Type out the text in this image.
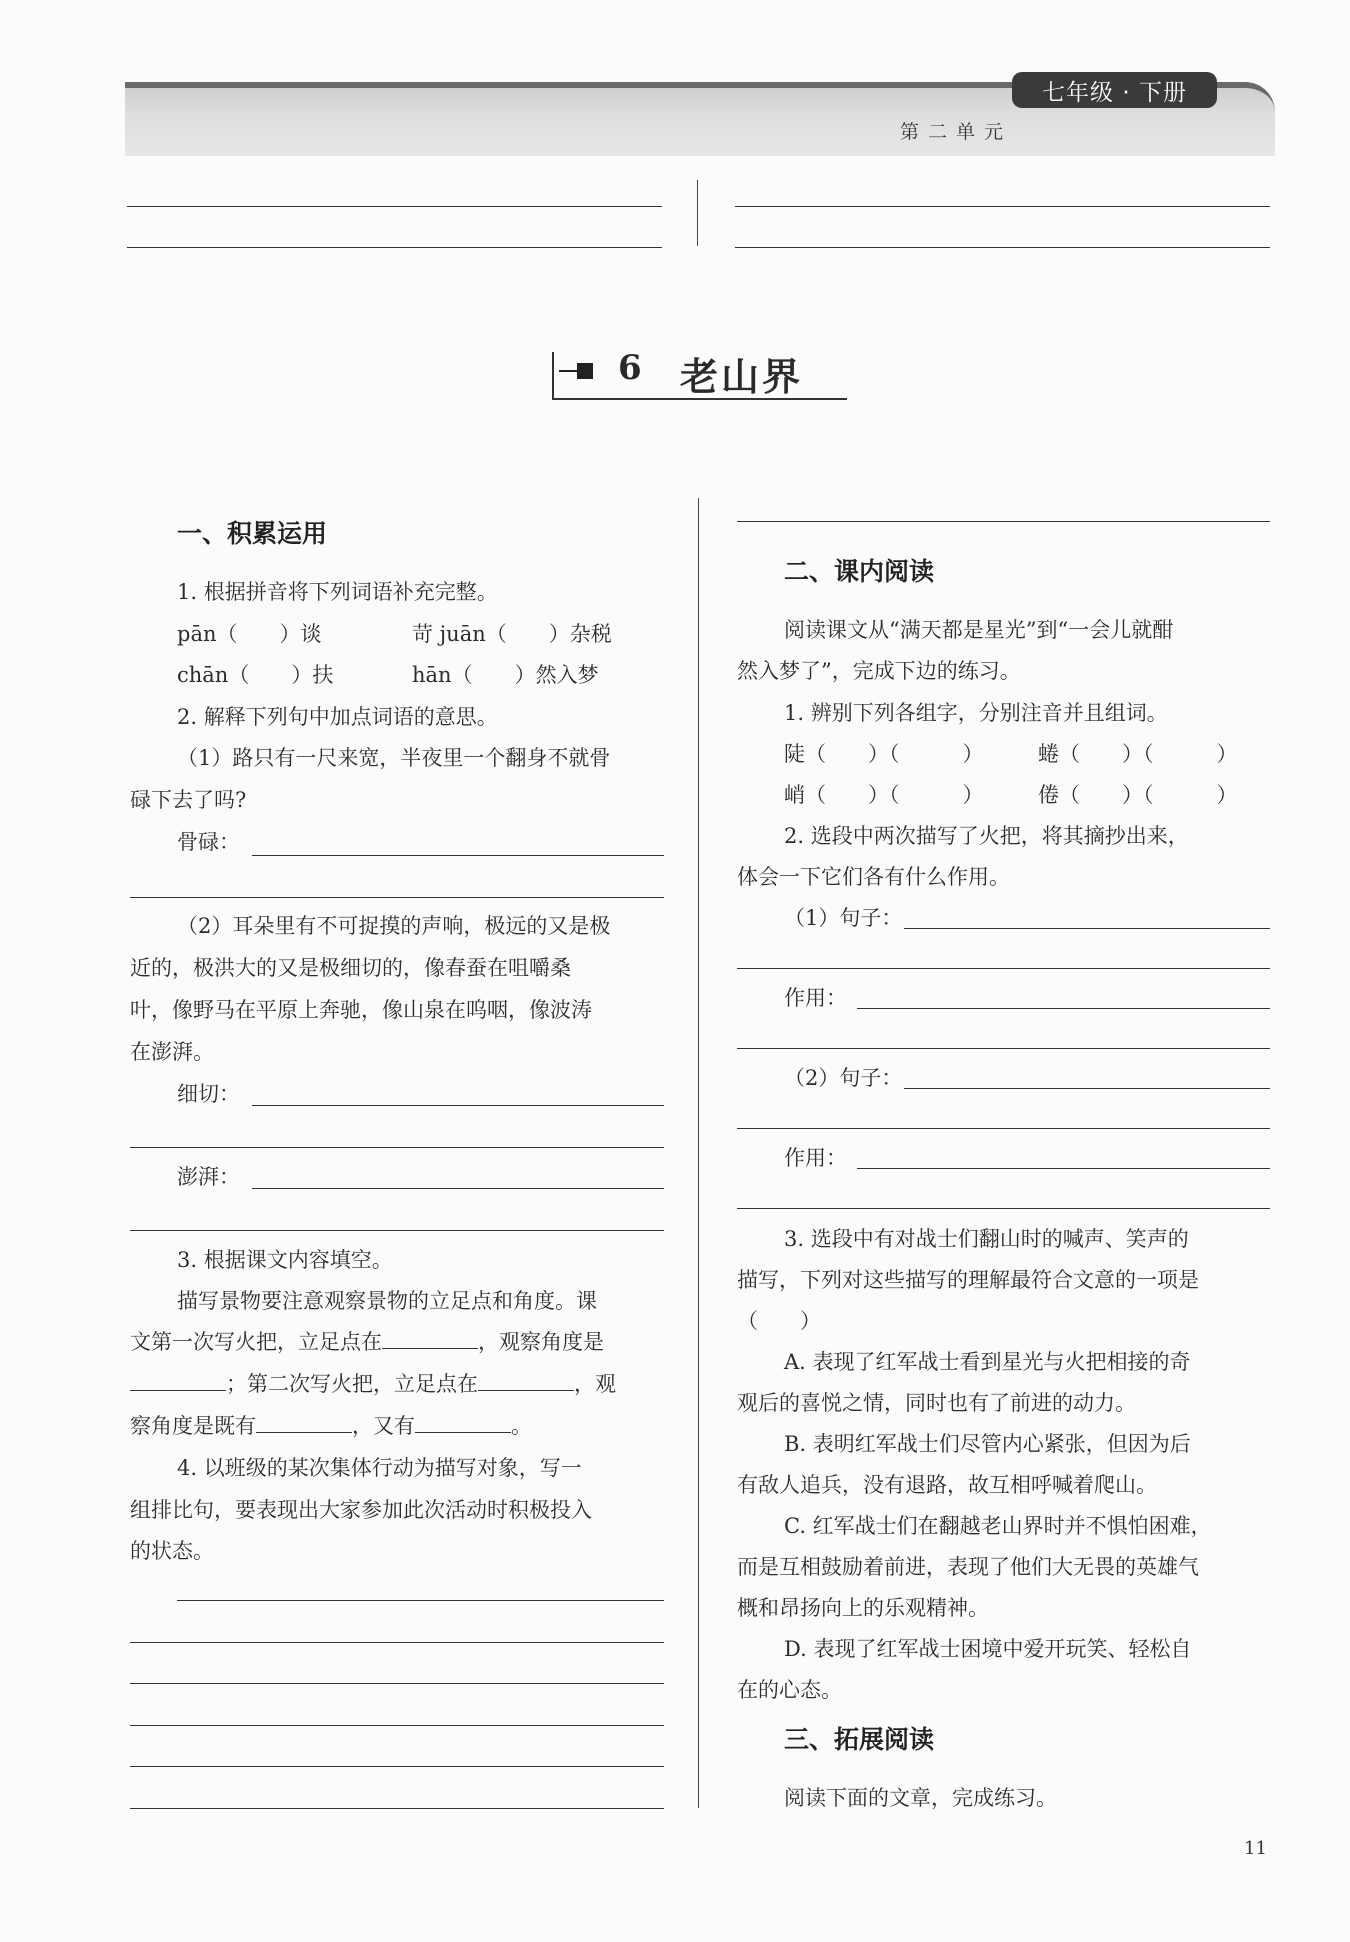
七年级 · 下册
第二单元
6 老山界
一、积累运用
1. 根据拼音将下列词语补充完整。
pān（　　）谈	苛 juān（　　）杂税
chān（　　）扶	hān（　　）然入梦
2. 解释下列句中加点词语的意思。
（1）路只有一尺来宽，半夜里一个翻身不就骨
碌下去了吗?
骨碌：
（2）耳朵里有不可捉摸的声响，极远的又是极
近的，极洪大的又是极细切的，像春蚕在咀嚼桑
叶，像野马在平原上奔驰，像山泉在呜咽，像波涛
在澎湃。
细切：
澎湃：
3. 根据课文内容填空。
描写景物要注意观察景物的立足点和角度。课
文第一次写火把，立足点在	，观察角度是
；第二次写火把，立足点在	，观
察角度是既有	，又有	。
4. 以班级的某次集体行动为描写对象，写一
组排比句，要表现出大家参加此次活动时积极投入
的状态。
二、课内阅读
阅读课文从“满天都是星光”到“一会儿就酣
然入梦了”，完成下边的练习。
1. 辨别下列各组字，分别注音并且组词。
陡（　　）（　　　）	蜷（　　）（　　　）
峭（　　）（　　　）	倦（　　）（　　　）
2. 选段中两次描写了火把，将其摘抄出来，
体会一下它们各有什么作用。
（1）句子：
作用：
（2）句子：
作用：
3. 选段中有对战士们翻山时的喊声、笑声的
描写，下列对这些描写的理解最符合文意的一项是
（　　）
A. 表现了红军战士看到星光与火把相接的奇
观后的喜悦之情，同时也有了前进的动力。
B. 表明红军战士们尽管内心紧张，但因为后
有敌人追兵，没有退路，故互相呼喊着爬山。
C. 红军战士们在翻越老山界时并不惧怕困难，
而是互相鼓励着前进，表现了他们大无畏的英雄气
概和昂扬向上的乐观精神。
D. 表现了红军战士困境中爱开玩笑、轻松自
在的心态。
三、拓展阅读
阅读下面的文章，完成练习。
11
